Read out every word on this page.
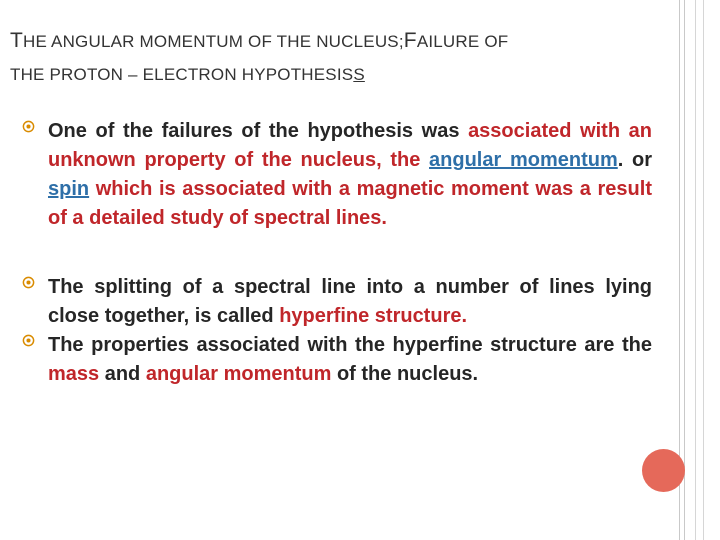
THE ANGULAR MOMENTUM OF THE NUCLEUS;FAILURE OF
THE PROTON – ELECTRON HYPOTHESISS
One of the failures of the hypothesis was associated with an unknown property of the nucleus, the angular momentum. or spin which is associated with a magnetic moment was a result of a detailed study of spectral lines.
The splitting of a spectral line into a number of lines lying close together, is called hyperfine structure.
The properties associated with the hyperfine structure are the mass and angular momentum of the nucleus.
